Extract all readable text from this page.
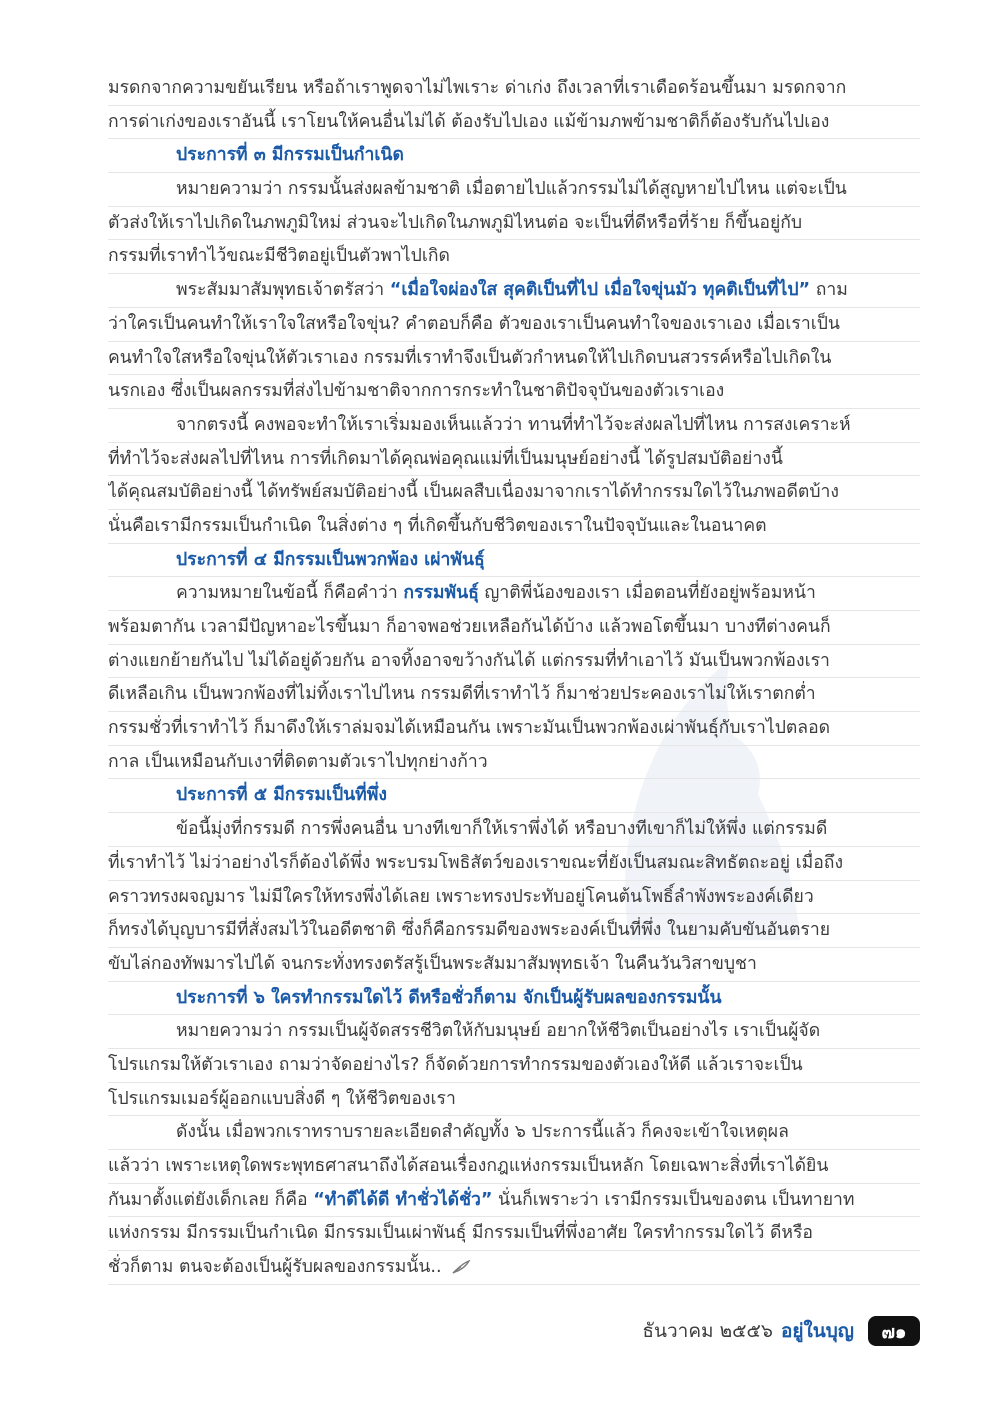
มรดกจากความขยันเรียน หรือถ้าเราพูดจาไม่ไพเราะ ด่าเก่ง ถึงเวลาที่เราเดือดร้อนขึ้นมา มรดกจาก
การด่าเก่งของเราอันนี้ เราโยนให้คนอื่นไม่ได้ ต้องรับไปเอง แม้ข้ามภพข้ามชาติก็ต้องรับกันไปเอง
ประการที่ ๓ มีกรรมเป็นกำเนิด
หมายความว่า กรรมนั้นส่งผลข้ามชาติ เมื่อตายไปแล้วกรรมไม่ได้สูญหายไปไหน แต่จะเป็น
ตัวส่งให้เราไปเกิดในภพภูมิใหม่ ส่วนจะไปเกิดในภพภูมิไหนต่อ จะเป็นที่ดีหรือที่ร้าย ก็ขึ้นอยู่กับ
กรรมที่เราทำไว้ขณะมีชีวิตอยู่เป็นตัวพาไปเกิด
พระสัมมาสัมพุทธเจ้าตรัสว่า “เมื่อใจผ่องใส สุคติเป็นที่ไป เมื่อใจขุ่นมัว ทุคติเป็นที่ไป” ถาม
ว่าใครเป็นคนทำให้เราใจใสหรือใจขุ่น? คำตอบก็คือ ตัวของเราเป็นคนทำใจของเราเอง เมื่อเราเป็น
คนทำใจใสหรือใจขุ่นให้ตัวเราเอง กรรมที่เราทำจึงเป็นตัวกำหนดให้ไปเกิดบนสวรรค์หรือไปเกิดใน
นรกเอง ซึ่งเป็นผลกรรมที่ส่งไปข้ามชาติจากการกระทำในชาติปัจจุบันของตัวเราเอง
จากตรงนี้ คงพอจะทำให้เราเริ่มมองเห็นแล้วว่า ทานที่ทำไว้จะส่งผลไปที่ไหน การสงเคราะห์
ที่ทำไว้จะส่งผลไปที่ไหน การที่เกิดมาได้คุณพ่อคุณแม่ที่เป็นมนุษย์อย่างนี้ ได้รูปสมบัติอย่างนี้
ได้คุณสมบัติอย่างนี้ ได้ทรัพย์สมบัติอย่างนี้ เป็นผลสืบเนื่องมาจากเราได้ทำกรรมใดไว้ในภพอดีตบ้าง
นั่นคือเรามีกรรมเป็นกำเนิด ในสิ่งต่าง ๆ ที่เกิดขึ้นกับชีวิตของเราในปัจจุบันและในอนาคต
ประการที่ ๔ มีกรรมเป็นพวกพ้อง เผ่าพันธุ์
ความหมายในข้อนี้ ก็คือคำว่า กรรมพันธุ์ ญาติพี่น้องของเรา เมื่อตอนที่ยังอยู่พร้อมหน้า
พร้อมตากัน เวลามีปัญหาอะไรขึ้นมา ก็อาจพอช่วยเหลือกันได้บ้าง แล้วพอโตขึ้นมา บางทีต่างคนก็
ต่างแยกย้ายกันไป ไม่ได้อยู่ด้วยกัน อาจทิ้งอาจขว้างกันได้ แต่กรรมที่ทำเอาไว้ มันเป็นพวกพ้องเรา
ดีเหลือเกิน เป็นพวกพ้องที่ไม่ทิ้งเราไปไหน กรรมดีที่เราทำไว้ ก็มาช่วยประคองเราไม่ให้เราตกต่ำ
กรรมชั่วที่เราทำไว้ ก็มาดึงให้เราล่มจมได้เหมือนกัน เพราะมันเป็นพวกพ้องเผ่าพันธุ์กับเราไปตลอด
กาล เป็นเหมือนกับเงาที่ติดตามตัวเราไปทุกย่างก้าว
ประการที่ ๕ มีกรรมเป็นที่พึ่ง
ข้อนี้มุ่งที่กรรมดี การพึ่งคนอื่น บางทีเขาก็ให้เราพึ่งได้ หรือบางทีเขาก็ไม่ให้พึ่ง แต่กรรมดี
ที่เราทำไว้ ไม่ว่าอย่างไรก็ต้องได้พึ่ง พระบรมโพธิสัตว์ของเราขณะที่ยังเป็นสมณะสิทธัตถะอยู่ เมื่อถึง
คราวทรงผจญมาร ไม่มีใครให้ทรงพึ่งได้เลย เพราะทรงประทับอยู่โคนต้นโพธิ์ลำพังพระองค์เดียว
ก็ทรงได้บุญบารมีที่สั่งสมไว้ในอดีตชาติ ซึ่งก็คือกรรมดีของพระองค์เป็นที่พึ่ง ในยามคับขันอันตราย
ขับไล่กองทัพมารไปได้ จนกระทั่งทรงตรัสรู้เป็นพระสัมมาสัมพุทธเจ้า ในคืนวันวิสาขบูชา
ประการที่ ๖ ใครทำกรรมใดไว้ ดีหรือชั่วก็ตาม จักเป็นผู้รับผลของกรรมนั้น
หมายความว่า กรรมเป็นผู้จัดสรรชีวิตให้กับมนุษย์ อยากให้ชีวิตเป็นอย่างไร เราเป็นผู้จัด
โปรแกรมให้ตัวเราเอง ถามว่าจัดอย่างไร? ก็จัดด้วยการทำกรรมของตัวเองให้ดี แล้วเราจะเป็น
โปรแกรมเมอร์ผู้ออกแบบสิ่งดี ๆ ให้ชีวิตของเรา
ดังนั้น เมื่อพวกเราทราบรายละเอียดสำคัญทั้ง ๖ ประการนี้แล้ว ก็คงจะเข้าใจเหตุผล
แล้วว่า เพราะเหตุใดพระพุทธศาสนาถึงได้สอนเรื่องกฎแห่งกรรมเป็นหลัก โดยเฉพาะสิ่งที่เราได้ยิน
กันมาตั้งแต่ยังเด็กเลย ก็คือ “ทำดีได้ดี ทำชั่วได้ชั่ว” นั่นก็เพราะว่า เรามีกรรมเป็นของตน เป็นทายาท
แห่งกรรม มีกรรมเป็นกำเนิด มีกรรมเป็นเผ่าพันธุ์ มีกรรมเป็นที่พึ่งอาศัย ใครทำกรรมใดไว้ ดีหรือ
ชั่วก็ตาม ตนจะต้องเป็นผู้รับผลของกรรมนั้น..
ธันวาคม ๒๕๕๖ อยู่ในบุญ	๗๑
